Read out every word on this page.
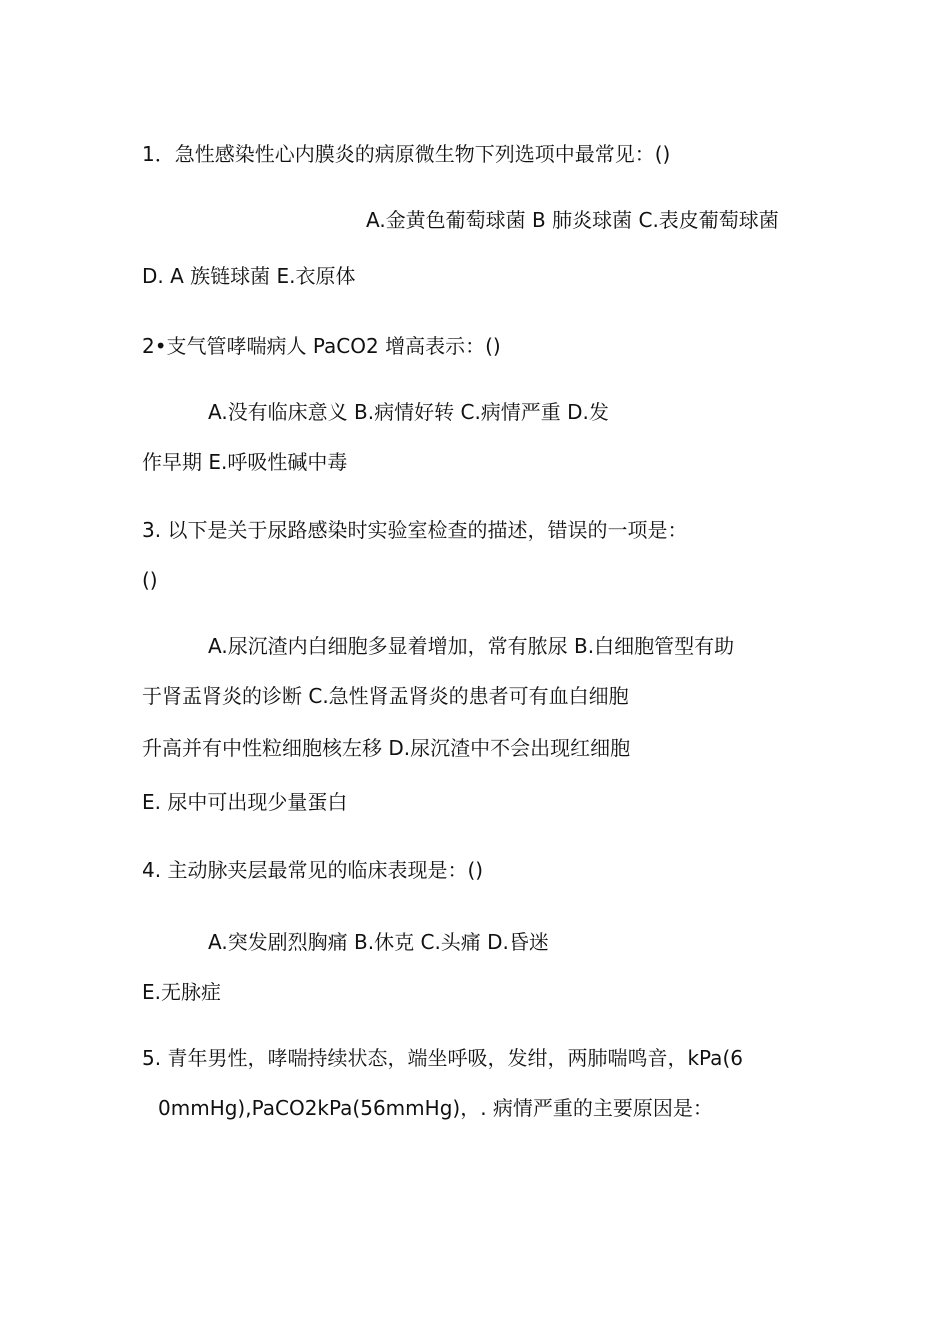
1．急性感染性心内膜炎的病原微生物下列选项中最常见：()
A.金黄色葡萄球菌 B 肺炎球菌 C.表皮葡萄球菌
D. A 族链球菌 E.衣原体
2•支气管哮喘病人 PaCO2 增高表示：()
A.没有临床意义 B.病情好转 C.病情严重 D.发
作早期 E.呼吸性碱中毒
3. 以下是关于尿路感染时实验室检查的描述，错误的一项是：
()
A.尿沉渣内白细胞多显着增加，常有脓尿 B.白细胞管型有助
于肾盂肾炎的诊断 C.急性肾盂肾炎的患者可有血白细胞
升高并有中性粒细胞核左移 D.尿沉渣中不会出现红细胞
E. 尿中可出现少量蛋白
4. 主动脉夹层最常见的临床表现是：()
A.突发剧烈胸痛 B.休克 C.头痛 D.昏迷
E.无脉症
5. 青年男性，哮喘持续状态，端坐呼吸，发绀，两肺喘鸣音，kPa(6
0mmHg),PaCO2kPa(56mmHg)，. 病情严重的主要原因是：
